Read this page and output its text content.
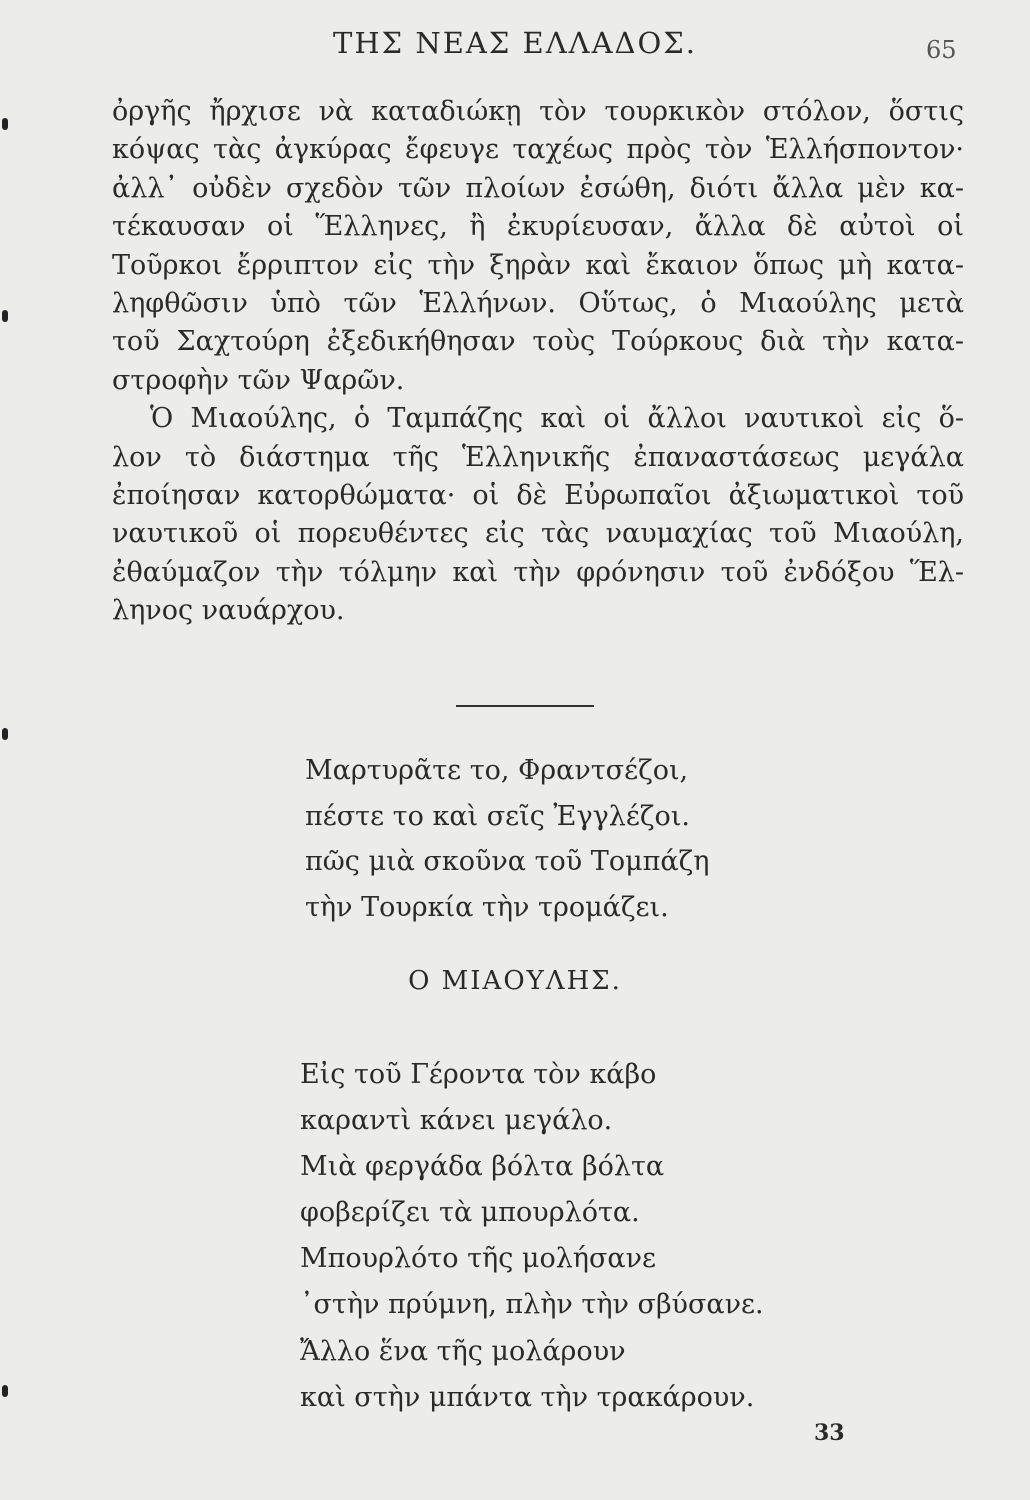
ΤΗΣ ΝΕΑΣ ΕΛΛΑΔΟΣ.	65
ὀργῆς ἤρχισε νὰ καταδιώκῃ τὸν τουρκικὸν στόλον, ὅστις
κόψας τὰς ἀγκύρας ἔφευγε ταχέως πρὸς τὸν Ἑλλήσποντον·
ἀλλ᾽ οὐδὲν σχεδὸν τῶν πλοίων ἐσώθη, διότι ἄλλα μὲν κα-
τέκαυσαν οἱ Ἕλληνες, ἢ ἐκυρίευσαν, ἄλλα δὲ αὐτοὶ οἱ
Τοῦρκοι ἔρριπτον εἰς τὴν ξηρὰν καὶ ἔκαιον ὅπως μὴ κατα-
ληφθῶσιν ὑπὸ τῶν Ἑλλήνων. Οὕτως, ὁ Μιαούλης μετὰ
τοῦ Σαχτούρη ἐξεδικήθησαν τοὺς Τούρκους διὰ τὴν κατα-
στροφὴν τῶν Ψαρῶν.
Ὁ Μιαούλης, ὁ Ταμπάζης καὶ οἱ ἄλλοι ναυτικοὶ εἰς ὅ-
λον τὸ διάστημα τῆς Ἑλληνικῆς ἐπαναστάσεως μεγάλα
ἐποίησαν κατορθώματα· οἱ δὲ Εὐρωπαῖοι ἀξιωματικοὶ τοῦ
ναυτικοῦ οἱ πορευθέντες εἰς τὰς ναυμαχίας τοῦ Μιαούλη,
ἐθαύμαζον τὴν τόλμην καὶ τὴν φρόνησιν τοῦ ἐνδόξου Ἕλ-
ληνος ναυάρχου.
Μαρτυρᾶτε το, Φραντσέζοι,
πέστε το καὶ σεῖς Ἐγγλέζοι.
πῶς μιὰ σκοῦνα τοῦ Τομπάζη
τὴν Τουρκία τὴν τρομάζει.
Ο ΜΙΑΟΥΛΗΣ.
Εἰς τοῦ Γέροντα τὸν κάβο
καραντὶ κάνει μεγάλο.
Μιὰ φεργάδα βόλτα βόλτα
φοβερίζει τὰ μπουρλότα.
Μπουρλότο τῆς μολήσανε
᾽στὴν πρύμνη, πλὴν τὴν σβύσανε.
Ἄλλο ἕνα τῆς μολάρουν
καὶ στὴν μπάντα τὴν τρακάρουν.
33
